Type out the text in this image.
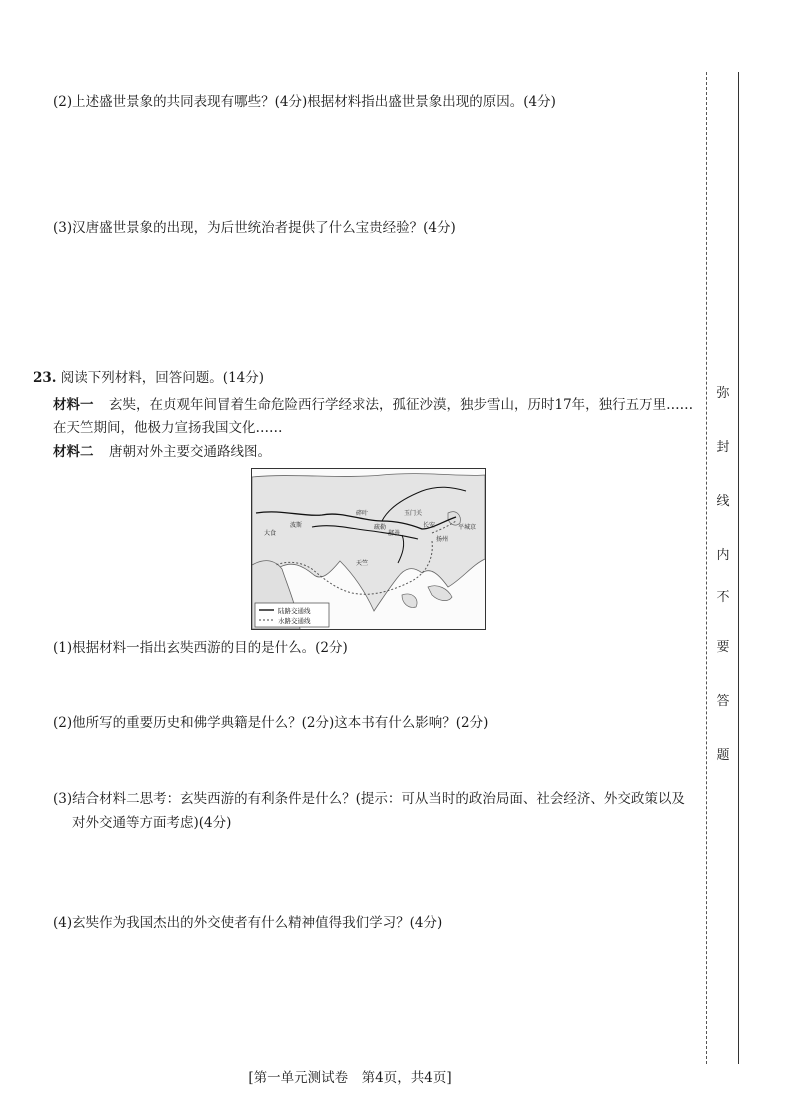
(2)上述盛世景象的共同表现有哪些？(4分)根据材料指出盛世景象出现的原因。(4分)
(3)汉唐盛世景象的出现，为后世统治者提供了什么宝贵经验？(4分)
23. 阅读下列材料，回答问题。(14分)
材料一 玄奘，在贞观年间冒着生命危险西行学经求法，孤征沙漠，独步雪山，历时17年，独行五万里……
在天竺期间，他极力宣扬我国文化……
材料二 唐朝对外主要交通路线图。
玉门关
长安
扬州
平城京
波斯
天竺
大食
碎叶
疏勒
鄯善
陆路交通线
水路交通线
(1)根据材料一指出玄奘西游的目的是什么。(2分)
(2)他所写的重要历史和佛学典籍是什么？(2分)这本书有什么影响？(2分)
(3)结合材料二思考：玄奘西游的有利条件是什么？(提示：可从当时的政治局面、社会经济、外交政策以及
对外交通等方面考虑)(4分)
(4)玄奘作为我国杰出的外交使者有什么精神值得我们学习？(4分)
弥
封
线
内
不
要
答
题
[第一单元测试卷　第4页，共4页]
